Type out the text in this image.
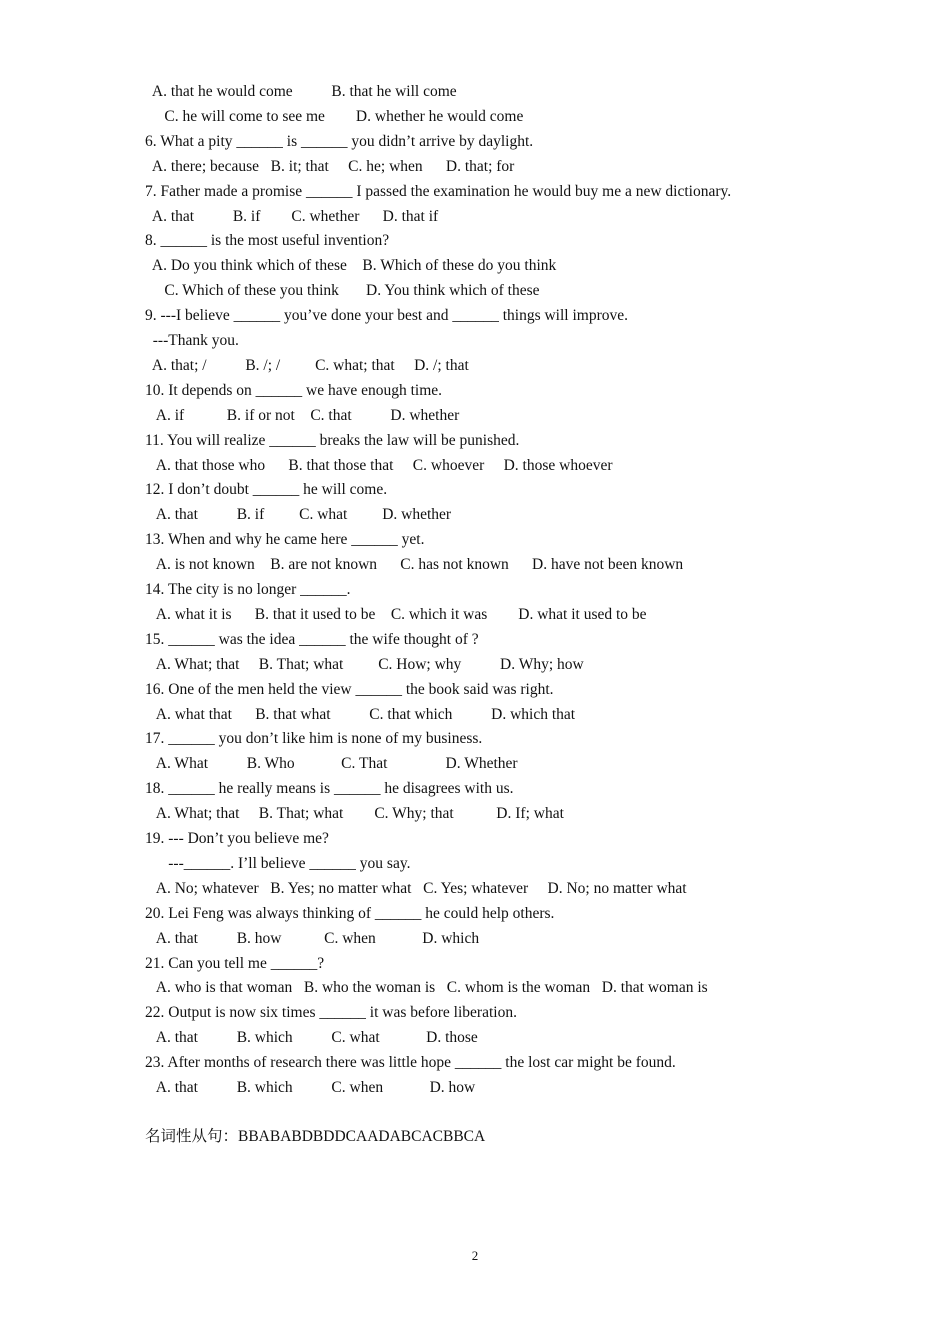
A. that he would come          B. that he will come
C. he will come to see me        D. whether he would come
6. What a pity ______ is ______ you didn’t arrive by daylight.
A. there; because   B. it; that     C. he; when      D. that; for
7. Father made a promise ______ I passed the examination he would buy me a new dictionary.
A. that          B. if        C. whether      D. that if
8. ______ is the most useful invention?
A. Do you think which of these    B. Which of these do you think
C. Which of these you think       D. You think which of these
9. ---I believe ______ you’ve done your best and ______ things will improve.
---Thank you.
A. that; /          B. /; /         C. what; that     D. /; that
10. It depends on ______ we have enough time.
A. if           B. if or not    C. that          D. whether
11. You will realize ______ breaks the law will be punished.
A. that those who      B. that those that     C. whoever     D. those whoever
12. I don’t doubt ______ he will come.
A. that          B. if         C. what         D. whether
13. When and why he came here ______ yet.
A. is not known    B. are not known      C. has not known      D. have not been known
14. The city is no longer ______.
A. what it is      B. that it used to be    C. which it was        D. what it used to be
15. ______ was the idea ______ the wife thought of ?
A. What; that     B. That; what         C. How; why          D. Why; how
16. One of the men held the view ______ the book said was right.
A. what that      B. that what          C. that which          D. which that
17. ______ you don’t like him is none of my business.
A. What          B. Who            C. That               D. Whether
18. ______ he really means is ______ he disagrees with us.
A. What; that     B. That; what        C. Why; that           D. If; what
19. --- Don’t you believe me?
---______. I’ll believe ______ you say.
A. No; whatever   B. Yes; no matter what   C. Yes; whatever     D. No; no matter what
20. Lei Feng was always thinking of ______ he could help others.
A. that          B. how           C. when            D. which
21. Can you tell me ______?
A. who is that woman   B. who the woman is   C. whom is the woman   D. that woman is
22. Output is now six times ______ it was before liberation.
A. that          B. which          C. what            D. those
23. After months of research there was little hope ______ the lost car might be found.
A. that          B. which          C. when            D. how
名词性从句：BBABABDBDDCAADABCACBBCA
2
